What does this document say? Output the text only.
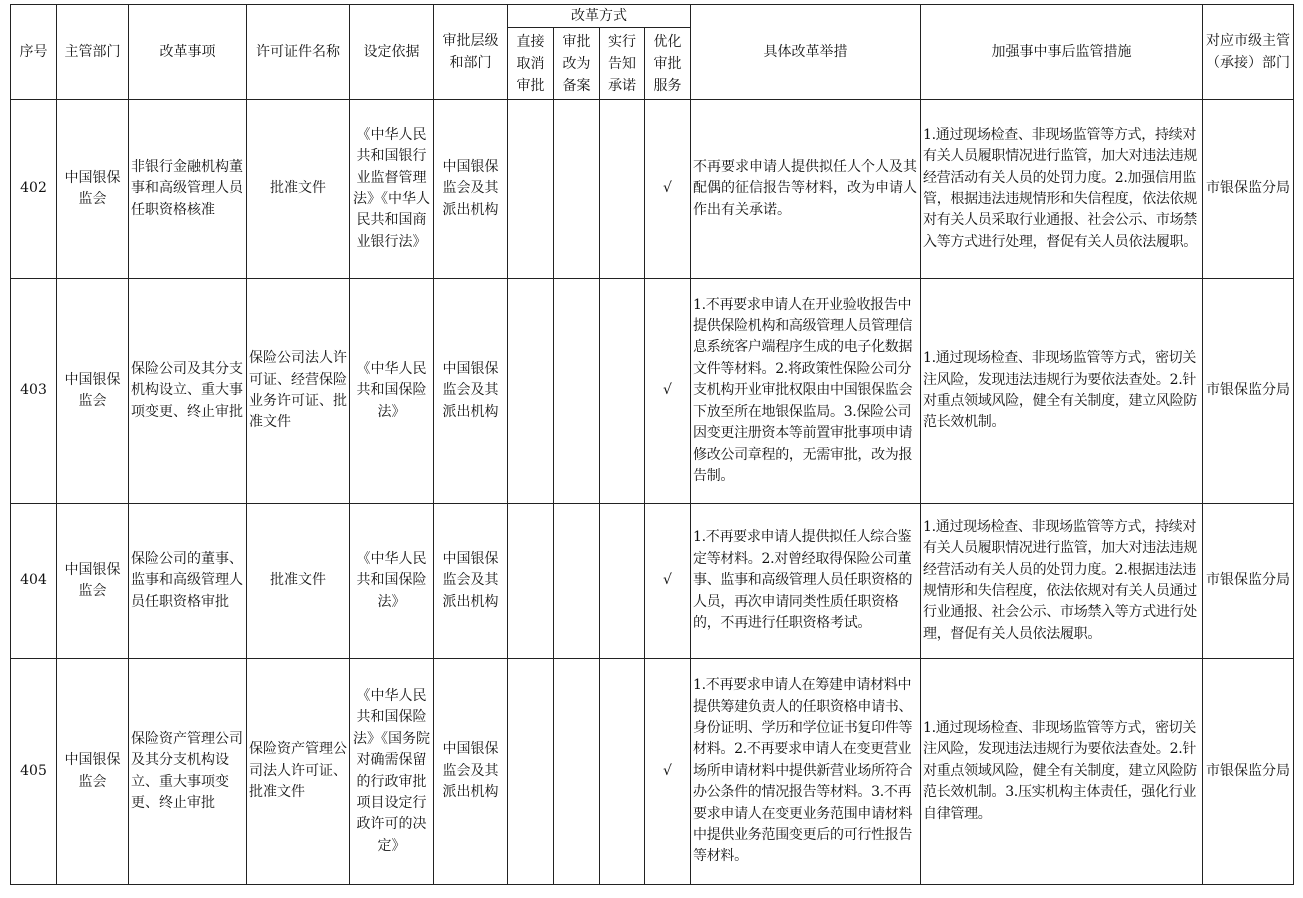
序号	主管部门	改革事项	许可证件名称	设定依据	审批层级和部门	改革方式				具体改革举措	加强事中事后监管措施	对应市级主管（承接）部门
						直接取消审批	审批改为备案	实行告知承诺	优化审批服务			
402	中国银保监会	非银行金融机构董事和高级管理人员任职资格核准	批准文件	《中华人民共和国银行业监督管理法》《中华人民共和国商业银行法》	中国银保监会及其派出机构				√	不再要求申请人提供拟任人个人及其配偶的征信报告等材料，改为申请人作出有关承诺。	1.通过现场检查、非现场监管等方式，持续对有关人员履职情况进行监管，加大对违法违规经营活动有关人员的处罚力度。2.加强信用监管，根据违法违规情形和失信程度，依法依规对有关人员采取行业通报、社会公示、市场禁入等方式进行处理，督促有关人员依法履职。	市银保监分局
403	中国银保监会	保险公司及其分支机构设立、重大事项变更、终止审批	保险公司法人许可证、经营保险业务许可证、批准文件	《中华人民共和国保险法》	中国银保监会及其派出机构				√	1.不再要求申请人在开业验收报告中提供保险机构和高级管理人员管理信息系统客户端程序生成的电子化数据文件等材料。2.将政策性保险公司分支机构开业审批权限由中国银保监会下放至所在地银保监局。3.保险公司因变更注册资本等前置审批事项申请修改公司章程的，无需审批，改为报告制。	1.通过现场检查、非现场监管等方式，密切关注风险，发现违法违规行为要依法查处。2.针对重点领域风险，健全有关制度，建立风险防范长效机制。	市银保监分局
404	中国银保监会	保险公司的董事、监事和高级管理人员任职资格审批	批准文件	《中华人民共和国保险法》	中国银保监会及其派出机构				√	1.不再要求申请人提供拟任人综合鉴定等材料。2.对曾经取得保险公司董事、监事和高级管理人员任职资格的人员，再次申请同类性质任职资格的，不再进行任职资格考试。	1.通过现场检查、非现场监管等方式，持续对有关人员履职情况进行监管，加大对违法违规经营活动有关人员的处罚力度。2.根据违法违规情形和失信程度，依法依规对有关人员通过行业通报、社会公示、市场禁入等方式进行处理，督促有关人员依法履职。	市银保监分局
405	中国银保监会	保险资产管理公司及其分支机构设立、重大事项变更、终止审批	保险资产管理公司法人许可证、批准文件	《中华人民共和国保险法》《国务院对确需保留的行政审批项目设定行政许可的决定》	中国银保监会及其派出机构				√	1.不再要求申请人在筹建申请材料中提供筹建负责人的任职资格申请书、身份证明、学历和学位证书复印件等材料。2.不再要求申请人在变更营业场所申请材料中提供新营业场所符合办公条件的情况报告等材料。3.不再要求申请人在变更业务范围申请材料中提供业务范围变更后的可行性报告等材料。	1.通过现场检查、非现场监管等方式，密切关注风险，发现违法违规行为要依法查处。2.针对重点领域风险，健全有关制度，建立风险防范长效机制。3.压实机构主体责任，强化行业自律管理。	市银保监分局
